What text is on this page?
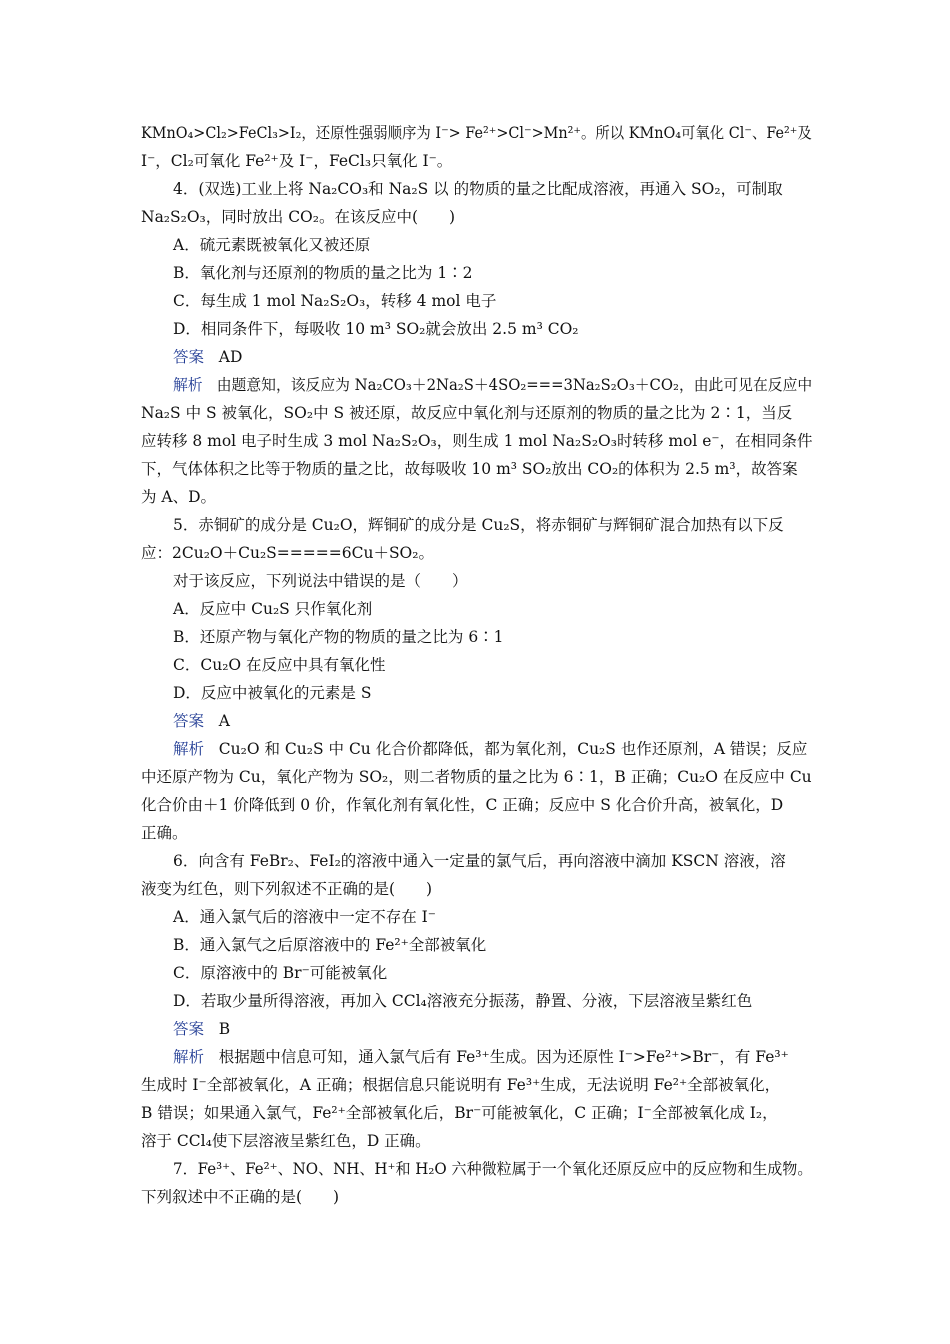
KMnO₄>Cl₂>FeCl₃>I₂，还原性强弱顺序为 I⁻> Fe²⁺>Cl⁻>Mn²⁺。所以 KMnO₄可氧化 Cl⁻、Fe²⁺及
I⁻，Cl₂可氧化 Fe²⁺及 I⁻，FeCl₃只氧化 I⁻。
4．(双选)工业上将 Na₂CO₃和 Na₂S 以 的物质的量之比配成溶液，再通入 SO₂，可制取
Na₂S₂O₃，同时放出 CO₂。在该反应中(　　)
A．硫元素既被氧化又被还原
B．氧化剂与还原剂的物质的量之比为 1∶2
C．每生成 1 mol Na₂S₂O₃，转移 4 mol 电子
D．相同条件下，每吸收 10 m³ SO₂就会放出 2.5 m³ CO₂
答案 AD
解析 由题意知，该反应为 Na₂CO₃＋2Na₂S＋4SO₂===3Na₂S₂O₃＋CO₂，由此可见在反应中
Na₂S 中 S 被氧化，SO₂中 S 被还原，故反应中氧化剂与还原剂的物质的量之比为 2∶1，当反
应转移 8 mol 电子时生成 3 mol Na₂S₂O₃，则生成 1 mol Na₂S₂O₃时转移 mol e⁻，在相同条件
下，气体体积之比等于物质的量之比，故每吸收 10 m³ SO₂放出 CO₂的体积为 2.5 m³，故答案
为 A、D。
5．赤铜矿的成分是 Cu₂O，辉铜矿的成分是 Cu₂S，将赤铜矿与辉铜矿混合加热有以下反
应：2Cu₂O＋Cu₂S=====6Cu＋SO₂。
对于该反应，下列说法中错误的是（　　）
A．反应中 Cu₂S 只作氧化剂
B．还原产物与氧化产物的物质的量之比为 6∶1
C．Cu₂O 在反应中具有氧化性
D．反应中被氧化的元素是 S
答案 A
解析 Cu₂O 和 Cu₂S 中 Cu 化合价都降低，都为氧化剂，Cu₂S 也作还原剂，A 错误；反应
中还原产物为 Cu，氧化产物为 SO₂，则二者物质的量之比为 6∶1，B 正确；Cu₂O 在反应中 Cu
化合价由＋1 价降低到 0 价，作氧化剂有氧化性，C 正确；反应中 S 化合价升高，被氧化，D
正确。
6．向含有 FeBr₂、FeI₂的溶液中通入一定量的氯气后，再向溶液中滴加 KSCN 溶液，溶
液变为红色，则下列叙述不正确的是(　　)
A．通入氯气后的溶液中一定不存在 I⁻
B．通入氯气之后原溶液中的 Fe²⁺全部被氧化
C．原溶液中的 Br⁻可能被氧化
D．若取少量所得溶液，再加入 CCl₄溶液充分振荡，静置、分液，下层溶液呈紫红色
答案 B
解析 根据题中信息可知，通入氯气后有 Fe³⁺生成。因为还原性 I⁻>Fe²⁺>Br⁻，有 Fe³⁺
生成时 I⁻全部被氧化，A 正确；根据信息只能说明有 Fe³⁺生成，无法说明 Fe²⁺全部被氧化，
B 错误；如果通入氯气，Fe²⁺全部被氧化后，Br⁻可能被氧化，C 正确；I⁻全部被氧化成 I₂，
溶于 CCl₄使下层溶液呈紫红色，D 正确。
7．Fe³⁺、Fe²⁺、NO、NH、H⁺和 H₂O 六种微粒属于一个氧化还原反应中的反应物和生成物。
下列叙述中不正确的是(　　)
